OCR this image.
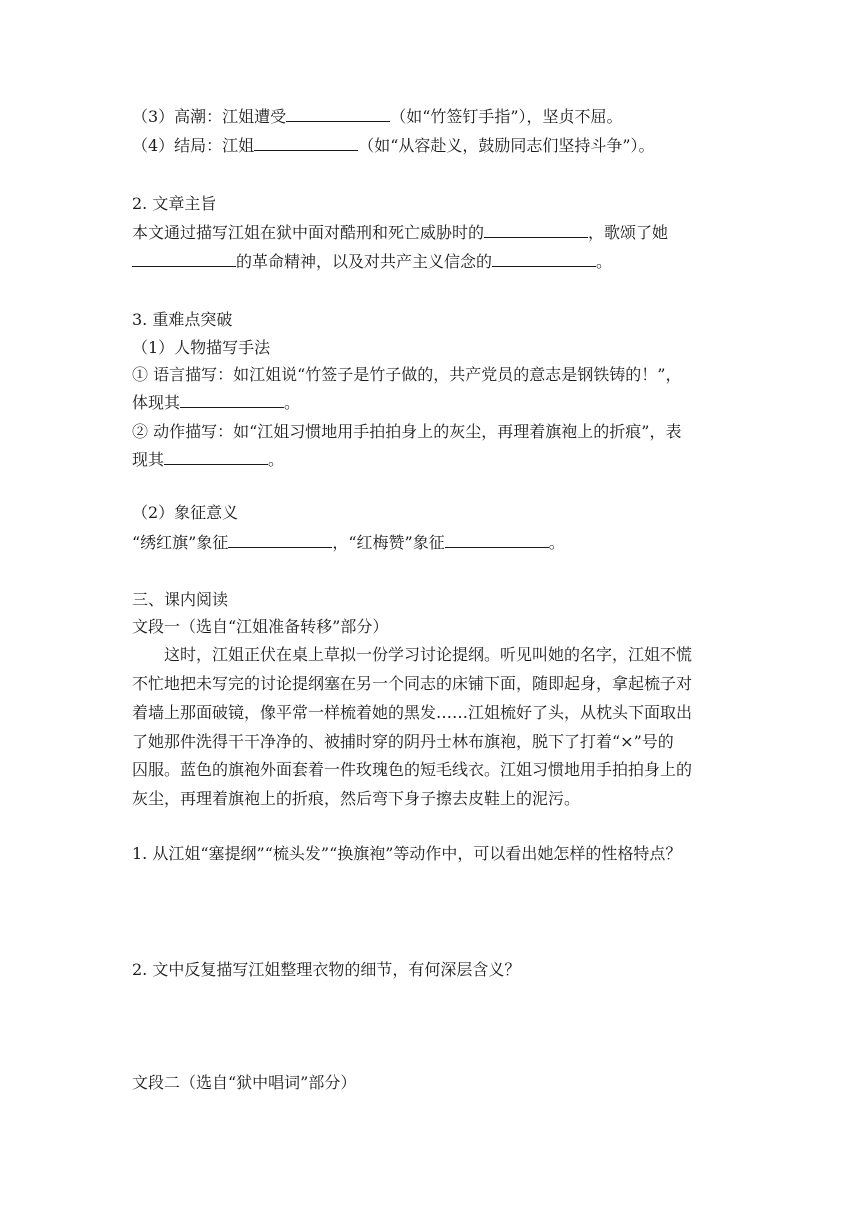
（3）高潮：江姐遭受	（如“竹签钉手指”），坚贞不屈。

（4）结局：江姐	（如“从容赴义，鼓励同志们坚持斗争”）。

2. 文章主旨

本文通过描写江姐在狱中面对酷刑和死亡威胁时的	，歌颂了她

的革命精神，以及对共产主义信念的	。

3. 重难点突破

（1）人物描写手法

① 语言描写：如江姐说“竹签子是竹子做的，共产党员的意志是钢铁铸的！”，

体现其	。

② 动作描写：如“江姐习惯地用手拍拍身上的灰尘，再理着旗袍上的折痕”，表

现其	。

（2）象征意义

“绣红旗”象征	，“红梅赞”象征	。

三、课内阅读

文段一（选自“江姐准备转移”部分）

这时，江姐正伏在桌上草拟一份学习讨论提纲。听见叫她的名字，江姐不慌

不忙地把未写完的讨论提纲塞在另一个同志的床铺下面，随即起身，拿起梳子对

着墙上那面破镜，像平常一样梳着她的黑发……江姐梳好了头，从枕头下面取出

了她那件洗得干干净净的、被捕时穿的阴丹士林布旗袍，脱下了打着“×”号的

囚服。蓝色的旗袍外面套着一件玫瑰色的短毛线衣。江姐习惯地用手拍拍身上的

灰尘，再理着旗袍上的折痕，然后弯下身子擦去皮鞋上的泥污。

1. 从江姐“塞提纲”“梳头发”“换旗袍”等动作中，可以看出她怎样的性格特点？

2. 文中反复描写江姐整理衣物的细节，有何深层含义？

文段二（选自“狱中唱词”部分）
